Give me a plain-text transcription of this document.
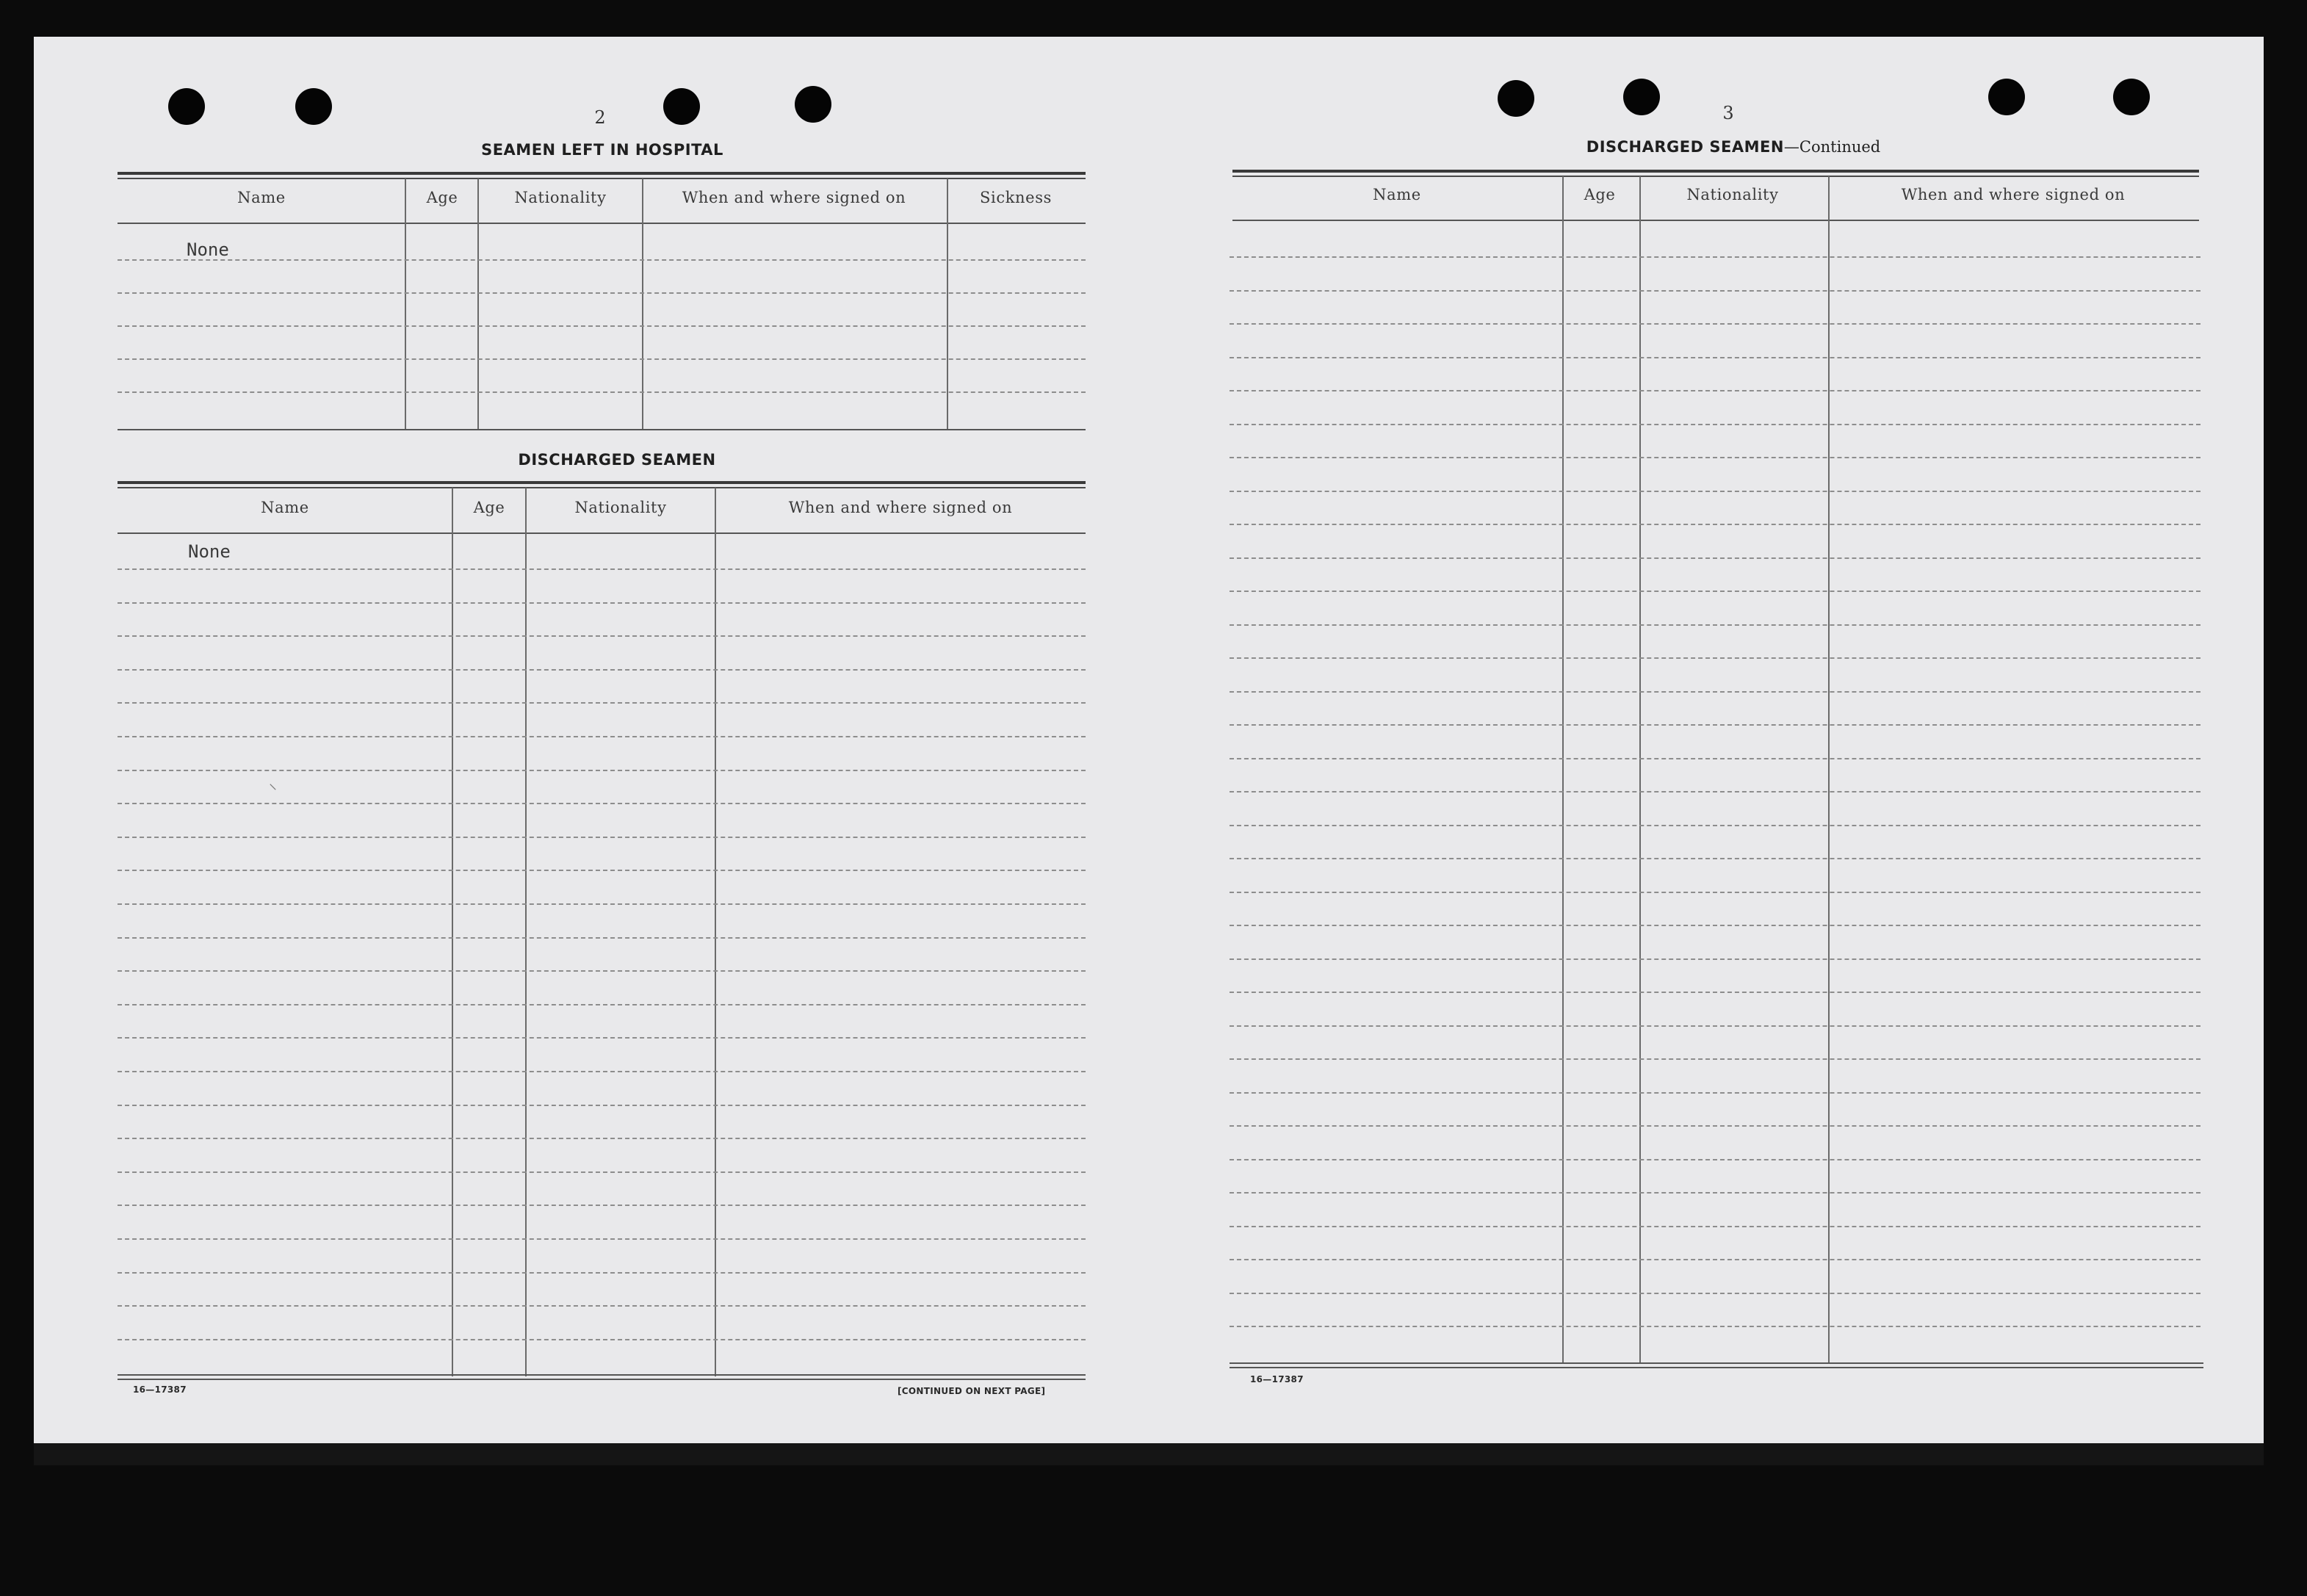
2
SEAMEN LEFT IN HOSPITAL
Name	Age	Nationality	When and where signed on	Sickness
None
DISCHARGED SEAMEN
Name	Age	Nationality	When and where signed on
None
⸌
16—17387	[CONTINUED ON NEXT PAGE]
3
DISCHARGED SEAMEN—Continued
Name	Age	Nationality	When and where signed on
16—17387
